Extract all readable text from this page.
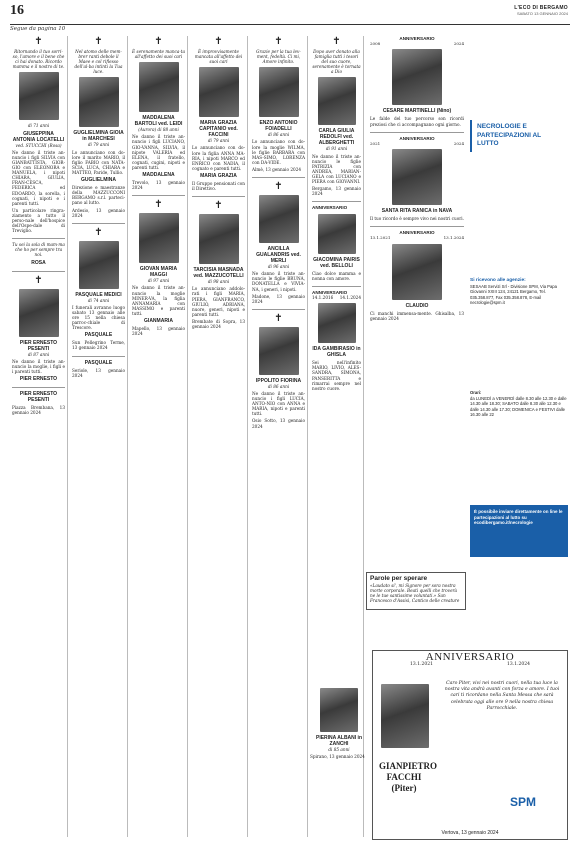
16	L'ECO DI BERGAMO
SABATO 13 GENNAIO 2024
Segue da pagina 10
✝
Ritornando il tuo sorri-so, l'amore e il bene che ci hai donato. Ricordo mamma e il nostro di te.
di 71 anni
GIUSEPPINA ANTONIA LOCATELLI
ved. STUCCHI (Rosa)
Ne danno il triste an-nuncio i figli SILVIA con GIANBATTISTA, GIOR-GIO con ELEONORA e MANUELA, i nipoti CHIARA, GIULIA, FRAN-CESCA, FEDERICA ed EDOARDO, la sorella, i cognati, i nipoti e i parenti tutti.
Un particolare ringra-ziamento a tutto il perso-nale dell'hospice dell'Ospe-dale di Treviglio.
Tu sei la sola di mam-ma che ho per sempre tra noi.
ROSA
✝
PIER ERNESTO PESENTI
di 87 anni
Ne danno il triste an-nuncio la moglie, i figli e i parenti tutti.
PIER ERNESTO
PIER ERNESTO PESENTI
Piazza Brembana, 13 gennaio 2024
✝
Nel atomo delle mem-brer ranti debole il Maee e col riflesso dell'al-ba intinti la Tua luce.
GUGLIELMINA GIOIA in MARCHESI
di 79 anni
Lo annunciano con do-lore il marito MARIO, il figlio FABIO con NATA-SCIA, LUCA, CHIARA e MATTEO, Paride, Tullio.
GUGLIELMINA
Direzione e maestranze della MAZZUCCONI BERGAMO s.r.l. parteci-pano al lutto.
Ardesio, 13 gennaio 2024
✝
PASQUALE MEDICI
di 74 anni
I funerali avranno luogo sabato 13 gennaio alle ore 15 nella chiesa parroc-chiale di Trescore.
PASQUALE
Sun Pellegrino Terme, 13 gennaio 2024
PASQUALE
Seriole, 13 gennaio 2024
✝
È serenamente manca-ta all'affetto dei suoi cari
MADDALENA BARTOLI ved. LEIDI
(Aurora) di 88 anni
Ne danno il triste an-nuncio i figli LUCIANO, GIO-VANNA, SILVIA, il nipote VALERIA ed ELENA, il fratello, cognati, cugini, nipoti e parenti tutti.
MADDALENA
Trevolo, 13 gennaio 2024
✝
GIOVAN MARIA MAGGI
di 97 anni
Ne danno il triste an-nuncio la moglie MINER-VA, la figlia ANNAMARIA con MASSIMO e parenti tutti.
GIANMARIA
Mapello, 13 gennaio 2024
✝
È improvvisamente mancata all'affetto dei suoi cari
MARIA GRAZIA CAPITANIO ved. FACCINI
di 79 anni
Lo annunciano con do-lore la figlia ANNA MA-RIA, i nipoti MARCO ed ENRICO con NADIA, il cognato e parenti tutti.
MARIA GRAZIA
Il Gruppo pensionati con il Direttivo.
✝
TARCISIA MASNADA ved. MAZZUCOTELLI
di 98 anni
Lo annunciano addolo-rati i figli MARIA, PIERA, GIANFRANCO, GIULIO, ADRIANA, nuore, generi, nipoti e parenti tutti.
Brembate di Sopra, 13 gennaio 2024
✝
Grazie per la tua lev-ment, fedeltà. Ci mi, Amore infinito.
ENZO ANTONIO FOIADELLI
di 86 anni
Lo annunciano con do-lore la moglie WILMA, le figlie BARBARA con MAS-SIMO, LORENZA con DA-VIDE.
Almè, 13 gennaio 2024
✝
ANCILLA GUALANDRIS ved. MERLI
di 96 anni
Ne danno il triste an-nuncio le figlie BRUNA, DONATELLA e VIVIA-NA, i generi, i nipoti.
Madone, 13 gennaio 2024
✝
IPPOLITO FIORINA
di 86 anni
Ne danno il triste an-nuncio i figli LUCIA, ANTO-NIO con ANNA e MARIA, nipoti e parenti tutti.
Osio Sotto, 13 gennaio 2024
✝
Dopo aver donato alla famiglia tutti i tesori del suo cuore, serenamente è tornata a Dio
CARLA GIULIA REDOLFI ved. ALBERGHETTI
di 91 anni
Ne danno il triste an-nuncio le figlie PATRIZIA con ANDREA, MARIAN-GELA con LUCIANO e PIERA con GIOVANNI.
Bergamo, 13 gennaio 2024
ANNIVERSARIO
GIACOMINA PAIRIS ved. BELLOLI
Ciao dolce mamma e nonna con amore.
ANNIVERSARIO
14.1.2016 14.1.2024
IDA GAMBIRASIO in GHISLA
Sei nell'infinito MARIO, LIVIO, ALES-SANDRA, SIMONA, PANSERITTA e rimarrai sempre nel nostro cuore.
PIERINA ALBANI in ZANCHI
di 85 anni
Spirano, 13 gennaio 2024
ANNIVERSARIO
2008	2024
CESARE MARTINELLI (Nino)
Le falde del tuo percorso son ricordi preziosi che ci accompagnano ogni giorno.
ANNIVERSARIO
2021	2024
SANTA RITA RANICA in NAVA
Il tuo ricordo è sempre vivo nei nostri cuori.
ANNIVERSARIO
13.1.2021	13.1.2024
CLAUDIO
Ci manchi immensa-mente. Ghisalba, 13 gennaio 2024
NECROLOGIE E PARTECIPAZIONI AL LUTTO
Si ricevono alle agenzie:
SESAAB Servizi Srl - Divisione SPM, Via Papa Giovanni XXIII 124, 24121 Bergamo, Tel. 035.358.877, Fax 035.358.878, E-mail necrologie@spm.it
Orari:
da LUNEDÌ a VENERDÌ dalle 8.30 alle 12.30 e dalle 14.30 alle 18.30; SABATO dalle 8.30 alle 12.30 e dalle 14.30 alle 17.30; DOMENICA e FESTIVI dalle 16.30 alle 22
È possibile inviare direttamente on line le partecipazioni al lutto su ecodibergamo.it/necrologie
SPM
Parole per sperare
«Laudato si', mi Signore per sora nostra morte corporale. Beati quelli che troverà ne le tue santissime voluntati.» San Francesco d'Assisi, Cantico delle creature
ANNIVERSARIO
13.1.2021	13.1.2024
GIANPIETRO FACCHI (Piter)
Caro Piter, vivi nei nostri cuori, nella tua luce la nostra vita andrà avanti con forza e amore. I tuoi cari ti ricordano nella Santa Messa che sarà celebrata oggi alle ore 9 nella nostra chiesa Parrocchiale.
Vertova, 13 gennaio 2024
